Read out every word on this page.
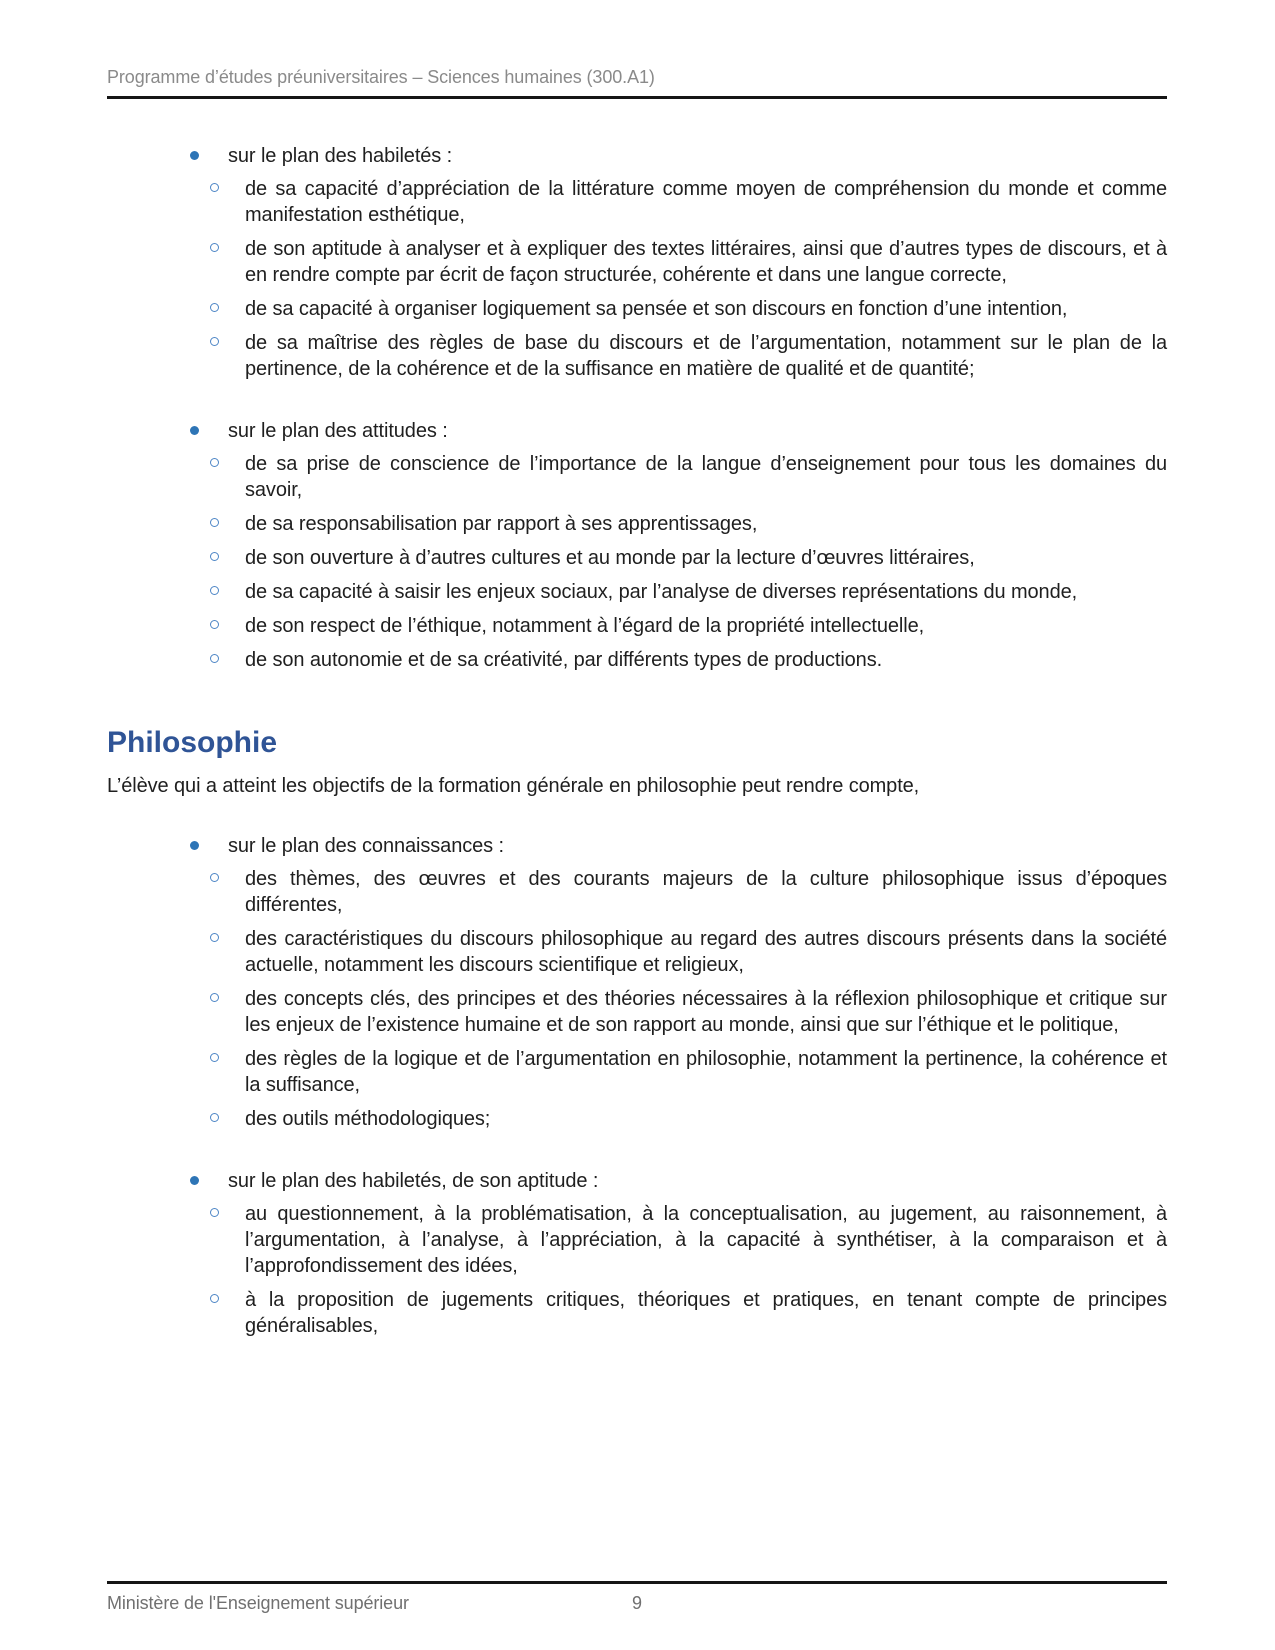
Programme d’études préuniversitaires – Sciences humaines (300.A1)
sur le plan des habiletés :
de sa capacité d’appréciation de la littérature comme moyen de compréhension du monde et comme manifestation esthétique,
de son aptitude à analyser et à expliquer des textes littéraires, ainsi que d’autres types de discours, et à en rendre compte par écrit de façon structurée, cohérente et dans une langue correcte,
de sa capacité à organiser logiquement sa pensée et son discours en fonction d’une intention,
de sa maîtrise des règles de base du discours et de l’argumentation, notamment sur le plan de la pertinence, de la cohérence et de la suffisance en matière de qualité et de quantité;
sur le plan des attitudes :
de sa prise de conscience de l’importance de la langue d’enseignement pour tous les domaines du savoir,
de sa responsabilisation par rapport à ses apprentissages,
de son ouverture à d’autres cultures et au monde par la lecture d’œuvres littéraires,
de sa capacité à saisir les enjeux sociaux, par l’analyse de diverses représentations du monde,
de son respect de l’éthique, notamment à l’égard de la propriété intellectuelle,
de son autonomie et de sa créativité, par différents types de productions.
Philosophie
L’élève qui a atteint les objectifs de la formation générale en philosophie peut rendre compte,
sur le plan des connaissances :
des thèmes, des œuvres et des courants majeurs de la culture philosophique issus d’époques différentes,
des caractéristiques du discours philosophique au regard des autres discours présents dans la société actuelle, notamment les discours scientifique et religieux,
des concepts clés, des principes et des théories nécessaires à la réflexion philosophique et critique sur les enjeux de l’existence humaine et de son rapport au monde, ainsi que sur l’éthique et le politique,
des règles de la logique et de l’argumentation en philosophie, notamment la pertinence, la cohérence et la suffisance,
des outils méthodologiques;
sur le plan des habiletés, de son aptitude :
au questionnement, à la problématisation, à la conceptualisation, au jugement, au raisonnement, à l’argumentation, à l’analyse, à l’appréciation, à la capacité à synthétiser, à la comparaison et à l’approfondissement des idées,
à la proposition de jugements critiques, théoriques et pratiques, en tenant compte de principes généralisables,
Ministère de l'Enseignement supérieur	9
